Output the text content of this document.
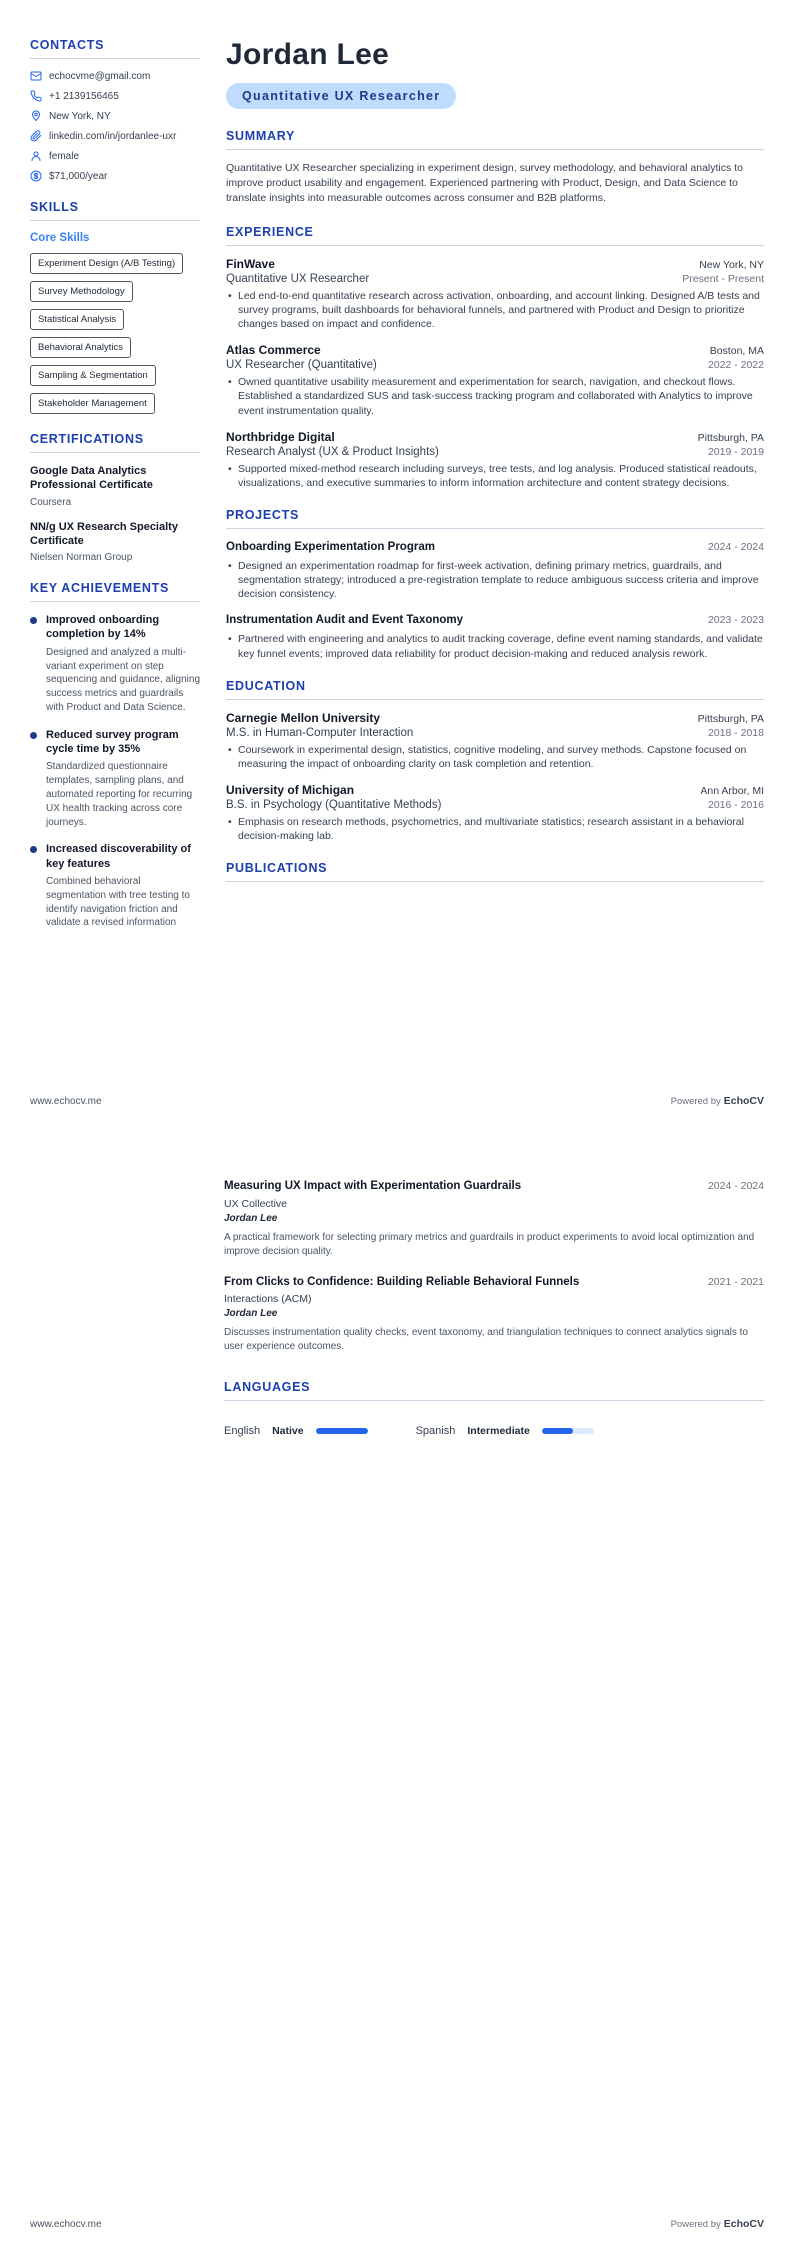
CONTACTS
echocvme@gmail.com
+1 2139156465
New York, NY
linkedin.com/in/jordanlee-uxr
female
$71,000/year
SKILLS
Core Skills
Experiment Design (A/B Testing)
Survey Methodology
Statistical Analysis
Behavioral Analytics
Sampling & Segmentation
Stakeholder Management
CERTIFICATIONS
Google Data Analytics Professional Certificate
Coursera
NN/g UX Research Specialty Certificate
Nielsen Norman Group
KEY ACHIEVEMENTS
Improved onboarding completion by 14%
Designed and analyzed a multi-variant experiment on step sequencing and guidance, aligning success metrics and guardrails with Product and Data Science.
Reduced survey program cycle time by 35%
Standardized questionnaire templates, sampling plans, and automated reporting for recurring UX health tracking across core journeys.
Increased discoverability of key features
Combined behavioral segmentation with tree testing to identify navigation friction and validate a revised information
Jordan Lee
Quantitative UX Researcher
SUMMARY

Quantitative UX Researcher specializing in experiment design, survey methodology, and behavioral analytics to improve product usability and engagement. Experienced partnering with Product, Design, and Data Science to translate insights into measurable outcomes across consumer and B2B platforms.

EXPERIENCE
FinWave	New York, NY
Quantitative UX Researcher	Present - Present
• Led end-to-end quantitative research across activation, onboarding, and account linking. Designed A/B tests and survey programs, built dashboards for behavioral funnels, and partnered with Product and Design to prioritize changes based on impact and confidence.
Atlas Commerce	Boston, MA
UX Researcher (Quantitative)	2022 - 2022
• Owned quantitative usability measurement and experimentation for search, navigation, and checkout flows. Established a standardized SUS and task-success tracking program and collaborated with Analytics to improve event instrumentation quality.
Northbridge Digital	Pittsburgh, PA
Research Analyst (UX & Product Insights)	2019 - 2019
• Supported mixed-method research including surveys, tree tests, and log analysis. Produced statistical readouts, visualizations, and executive summaries to inform information architecture and content strategy decisions.
PROJECTS
Onboarding Experimentation Program	2024 - 2024
• Designed an experimentation roadmap for first-week activation, defining primary metrics, guardrails, and segmentation strategy; introduced a pre-registration template to reduce ambiguous success criteria and improve decision consistency.
Instrumentation Audit and Event Taxonomy	2023 - 2023
• Partnered with engineering and analytics to audit tracking coverage, define event naming standards, and validate key funnel events; improved data reliability for product decision-making and reduced analysis rework.
EDUCATION
Carnegie Mellon University	Pittsburgh, PA
M.S. in Human-Computer Interaction	2018 - 2018
• Coursework in experimental design, statistics, cognitive modeling, and survey methods. Capstone focused on measuring the impact of onboarding clarity on task completion and retention.
University of Michigan	Ann Arbor, MI
B.S. in Psychology (Quantitative Methods)	2016 - 2016
• Emphasis on research methods, psychometrics, and multivariate statistics; research assistant in a behavioral decision-making lab.
PUBLICATIONS
www.echocv.me	Powered by EchoCV
Measuring UX Impact with Experimentation Guardrails	2024 - 2024
UX Collective
Jordan Lee

A practical framework for selecting primary metrics and guardrails in product experiments to avoid local optimization and improve decision quality.

From Clicks to Confidence: Building Reliable Behavioral Funnels	2021 - 2021
Interactions (ACM)
Jordan Lee

Discusses instrumentation quality checks, event taxonomy, and triangulation techniques to connect analytics signals to user experience outcomes.

LANGUAGES
English Native	Spanish Intermediate
www.echocv.me	Powered by EchoCV
